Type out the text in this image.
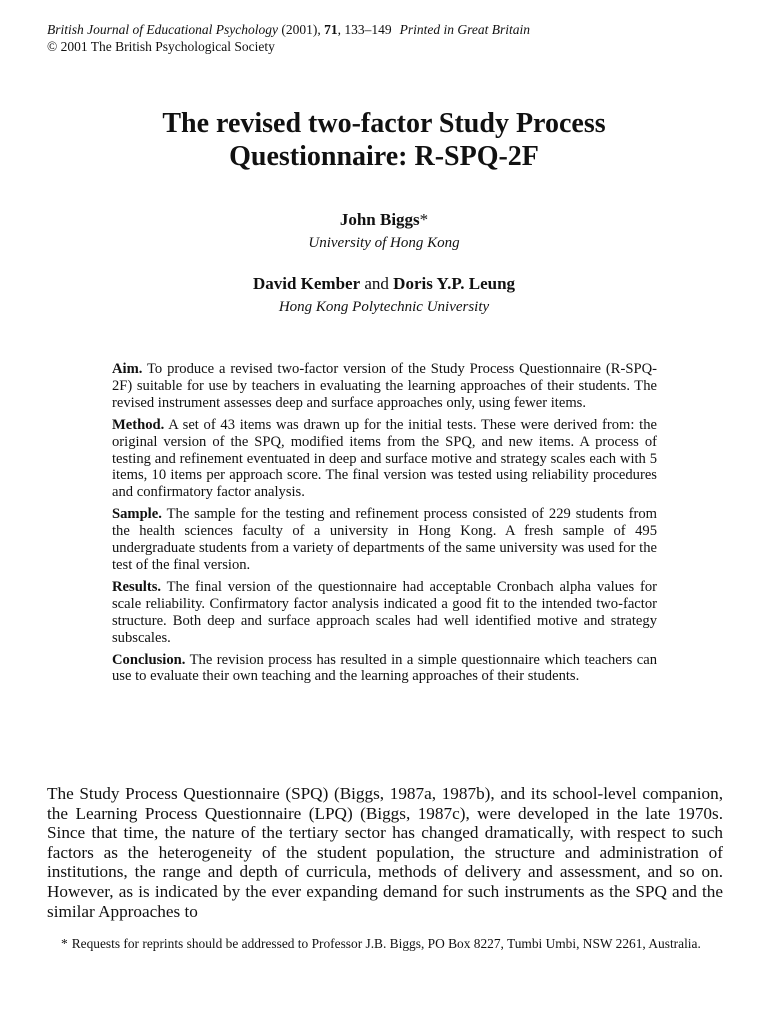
British Journal of Educational Psychology (2001), 71, 133–149 Printed in Great Britain
© 2001 The British Psychological Society
The revised two-factor Study Process
Questionnaire: R-SPQ-2F
John Biggs*
University of Hong Kong
David Kember and Doris Y.P. Leung
Hong Kong Polytechnic University

Aim. To produce a revised two-factor version of the Study Process Questionnaire (R-SPQ-2F) suitable for use by teachers in evaluating the learning approaches of their students. The revised instrument assesses deep and surface approaches only, using fewer items.

Method. A set of 43 items was drawn up for the initial tests. These were derived from: the original version of the SPQ, modified items from the SPQ, and new items. A process of testing and refinement eventuated in deep and surface motive and strategy scales each with 5 items, 10 items per approach score. The final version was tested using reliability procedures and confirmatory factor analysis.

Sample. The sample for the testing and refinement process consisted of 229 students from the health sciences faculty of a university in Hong Kong. A fresh sample of 495 undergraduate students from a variety of departments of the same university was used for the test of the final version.

Results. The final version of the questionnaire had acceptable Cronbach alpha values for scale reliability. Confirmatory factor analysis indicated a good fit to the intended two-factor structure. Both deep and surface approach scales had well identified motive and strategy subscales.

Conclusion. The revision process has resulted in a simple questionnaire which teachers can use to evaluate their own teaching and the learning approaches of their students.

The Study Process Questionnaire (SPQ) (Biggs, 1987a, 1987b), and its school-level companion, the Learning Process Questionnaire (LPQ) (Biggs, 1987c), were developed in the late 1970s. Since that time, the nature of the tertiary sector has changed dramatically, with respect to such factors as the heterogeneity of the student population, the structure and administration of institutions, the range and depth of curricula, methods of delivery and assessment, and so on. However, as is indicated by the ever expanding demand for such instruments as the SPQ and the similar Approaches to

* Requests for reprints should be addressed to Professor J.B. Biggs, PO Box 8227, Tumbi Umbi, NSW 2261, Australia.
